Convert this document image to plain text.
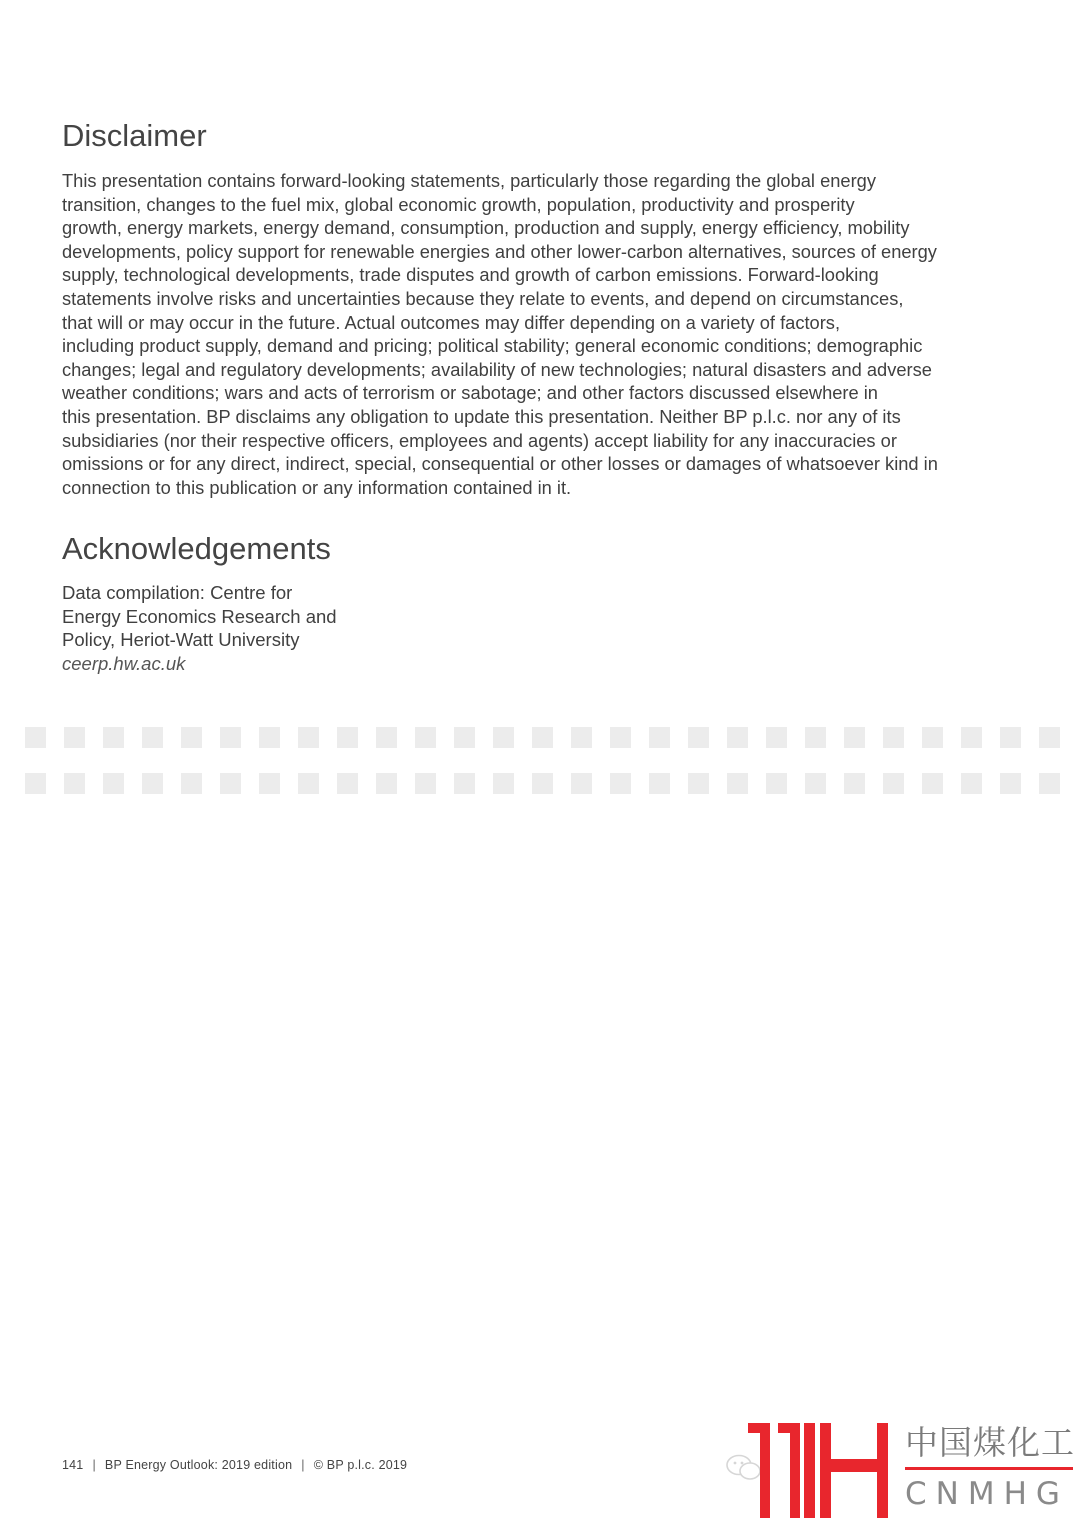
Disclaimer

This presentation contains forward-looking statements, particularly those regarding the global energy
transition, changes to the fuel mix, global economic growth, population, productivity and prosperity
growth, energy markets, energy demand, consumption, production and supply, energy efficiency, mobility
developments, policy support for renewable energies and other lower-carbon alternatives, sources of energy
supply, technological developments, trade disputes and growth of carbon emissions. Forward-looking
statements involve risks and uncertainties because they relate to events, and depend on circumstances,
that will or may occur in the future. Actual outcomes may differ depending on a variety of factors,
including product supply, demand and pricing; political stability; general economic conditions; demographic
changes; legal and regulatory developments; availability of new technologies; natural disasters and adverse
weather conditions; wars and acts of terrorism or sabotage; and other factors discussed elsewhere in
this presentation. BP disclaims any obligation to update this presentation. Neither BP p.l.c. nor any of its
subsidiaries (nor their respective officers, employees and agents) accept liability for any inaccuracies or
omissions or for any direct, indirect, special, consequential or other losses or damages of whatsoever kind in
connection to this publication or any information contained in it.

Acknowledgements
Data compilation: Centre for
Energy Economics Research and
Policy, Heriot-Watt University
ceerp.hw.ac.uk
141 | BP Energy Outlook: 2019 edition | © BP p.l.c. 2019
中国煤化工
CNMHG
